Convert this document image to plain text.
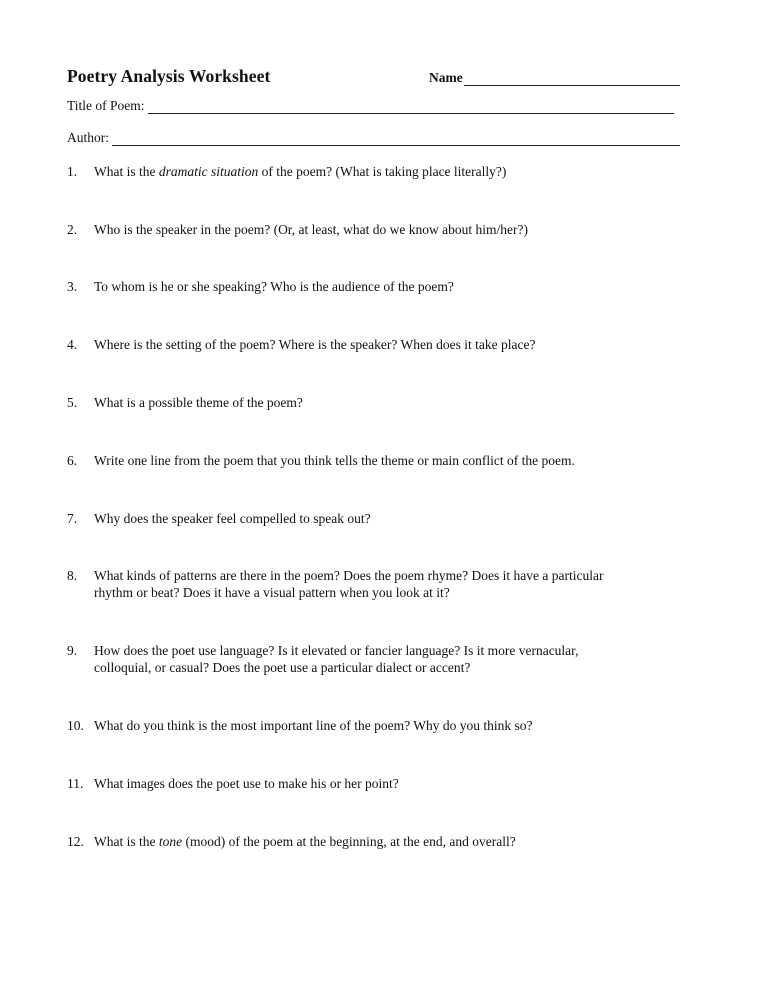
Poetry Analysis Worksheet	Name
Title of Poem:
Author:
1. What is the dramatic situation of the poem? (What is taking place literally?)
2. Who is the speaker in the poem? (Or, at least, what do we know about him/her?)
3. To whom is he or she speaking? Who is the audience of the poem?
4. Where is the setting of the poem? Where is the speaker? When does it take place?
5. What is a possible theme of the poem?
6. Write one line from the poem that you think tells the theme or main conflict of the poem.
7. Why does the speaker feel compelled to speak out?
8. What kinds of patterns are there in the poem? Does the poem rhyme? Does it have a particular
rhythm or beat? Does it have a visual pattern when you look at it?
9. How does the poet use language? Is it elevated or fancier language? Is it more vernacular,
colloquial, or casual? Does the poet use a particular dialect or accent?
10. What do you think is the most important line of the poem? Why do you think so?
11. What images does the poet use to make his or her point?
12. What is the tone (mood) of the poem at the beginning, at the end, and overall?
